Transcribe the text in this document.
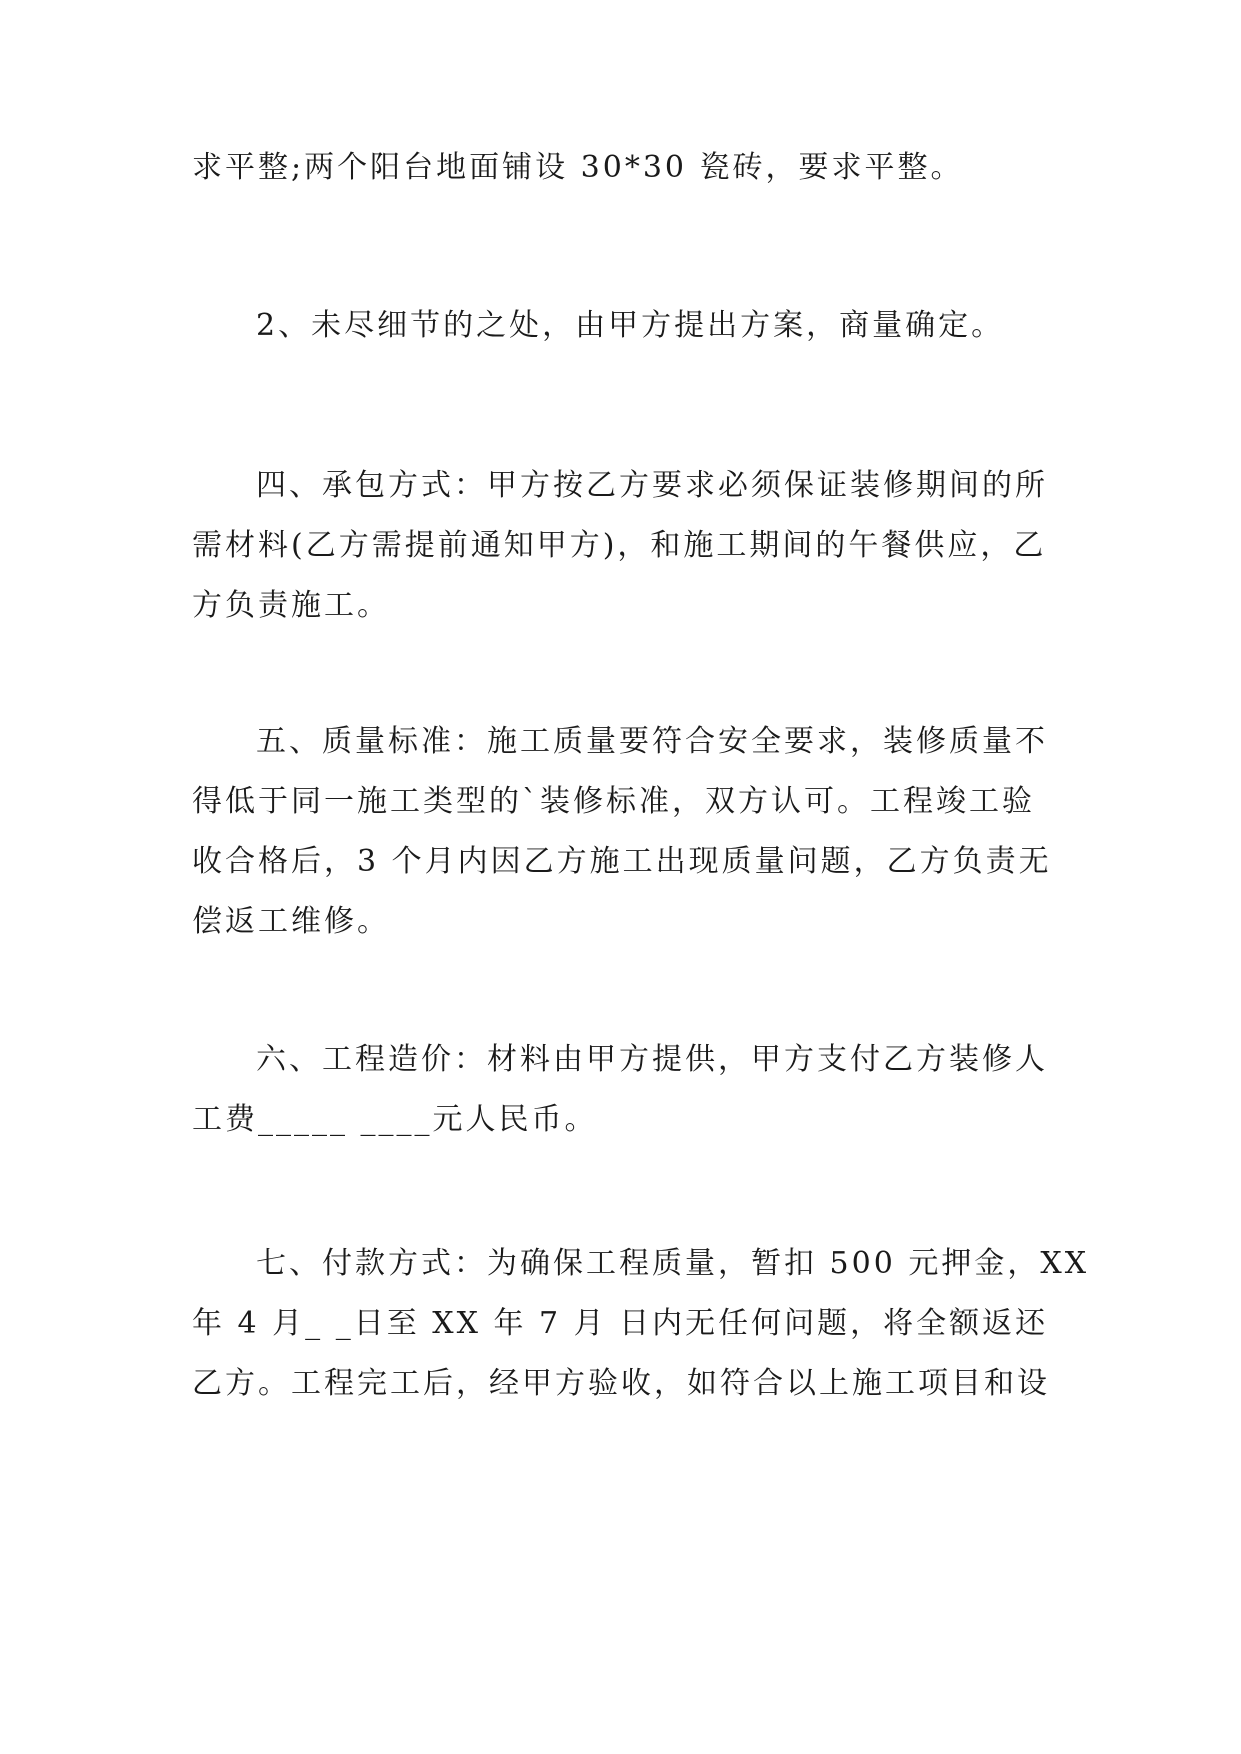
求平整;两个阳台地面铺设 30*30 瓷砖，要求平整。

2、未尽细节的之处，由甲方提出方案，商量确定。

四、承包方式：甲方按乙方要求必须保证装修期间的所
需材料(乙方需提前通知甲方)，和施工期间的午餐供应，乙
方负责施工。

五、质量标准：施工质量要符合安全要求，装修质量不
得低于同一施工类型的`装修标准，双方认可。工程竣工验
收合格后，3 个月内因乙方施工出现质量问题，乙方负责无
偿返工维修。

六、工程造价：材料由甲方提供，甲方支付乙方装修人
工费_____ ____元人民币。

七、付款方式：为确保工程质量，暂扣 500 元押金，XX
年 4 月_ _日至 XX 年 7 月 日内无任何问题，将全额返还
乙方。工程完工后，经甲方验收，如符合以上施工项目和设
